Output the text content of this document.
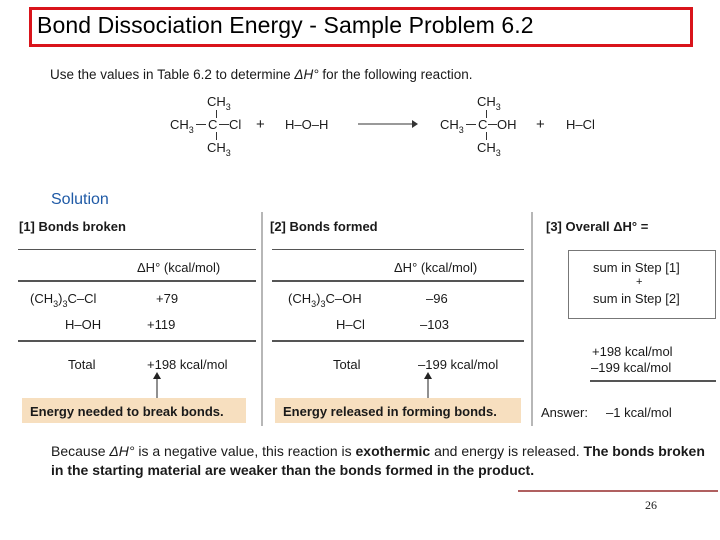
Bond Dissociation Energy - Sample Problem 6.2
Use the values in Table 6.2 to determine ΔH° for the following reaction.
$CH_3$
$CH_3$ C Cl
$CH_3$
+ H–O–H
$CH_3$
$CH_3$ C OH
$CH_3$
+ H–Cl
Solution
[1] Bonds broken
ΔH° (kcal/mol)
$(CH_3)_3C-Cl$	+79
H–OH	+119
Total	+198 kcal/mol
Energy needed to break bonds.
[2] Bonds formed
ΔH° (kcal/mol)
$(CH_3)_3C-OH$	–96
H–Cl	–103
Total	–199 kcal/mol
Energy released in forming bonds.
[3] Overall ΔH° =
sum in Step [1]
+
sum in Step [2]
+198 kcal/mol
–199 kcal/mol
Answer: –1 kcal/mol
Because ΔH° is a negative value, this reaction is exothermic and energy is released. The bonds broken in the starting material are weaker than the bonds formed in the product.
26
